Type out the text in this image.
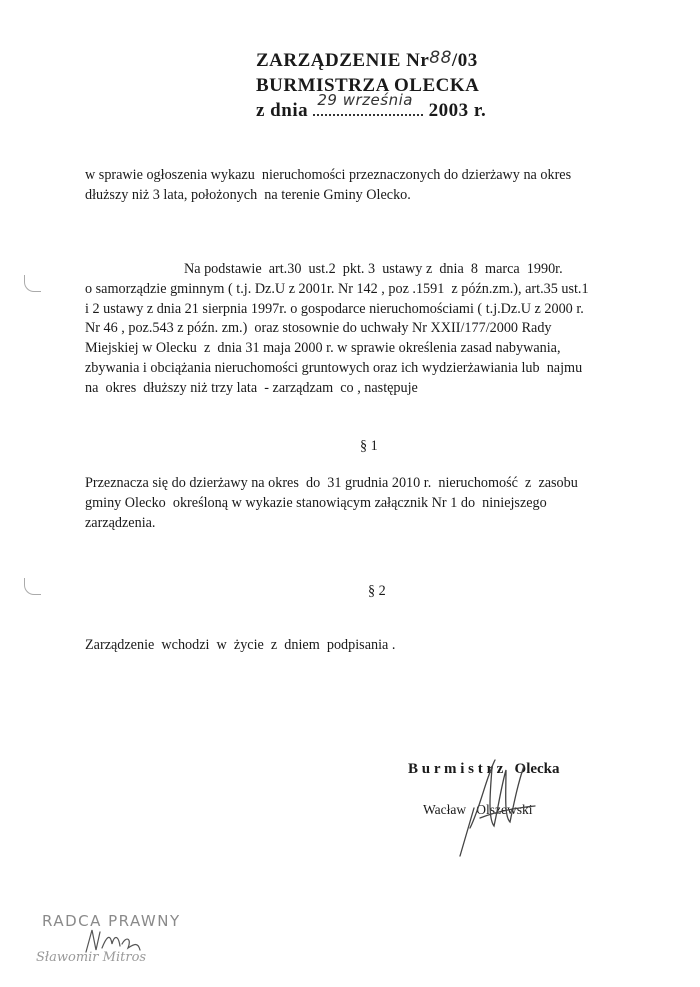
ZARZĄDZENIE Nr88/03
BURMISTRZA OLECKA
z dnia 29 września 2003 r.
w sprawie ogłoszenia wykazu  nieruchomości przeznaczonych do dzierżawy na okres
dłuższy niż 3 lata, położonych  na terenie Gminy Olecko.
Na podstawie  art.30  ust.2  pkt. 3  ustawy z  dnia  8  marca  1990r.
o samorządzie gminnym ( t.j. Dz.U z 2001r. Nr 142 , poz .1591  z późn.zm.), art.35 ust.1
i 2 ustawy z dnia 21 sierpnia 1997r. o gospodarce nieruchomościami ( t.j.Dz.U z 2000 r.
Nr 46 , poz.543 z późn. zm.)  oraz stosownie do uchwały Nr XXII/177/2000 Rady
Miejskiej w Olecku  z  dnia 31 maja 2000 r. w sprawie określenia zasad nabywania,
zbywania i obciążania nieruchomości gruntowych oraz ich wydzierżawiania lub  najmu
na  okres  dłuższy niż trzy lata  - zarządzam  co , następuje
§ 1
Przeznacza się do dzierżawy na okres  do  31 grudnia 2010 r.  nieruchomość  z  zasobu
gminy Olecko  określoną w wykazie stanowiącym załącznik Nr 1 do  niniejszego
zarządzenia.
§ 2
Zarządzenie  wchodzi  w  życie  z  dniem  podpisania .
B u r m i s t r z   Olecka
Wacław   Olszewski
RADCA PRAWNY
Sławomir Mitros
